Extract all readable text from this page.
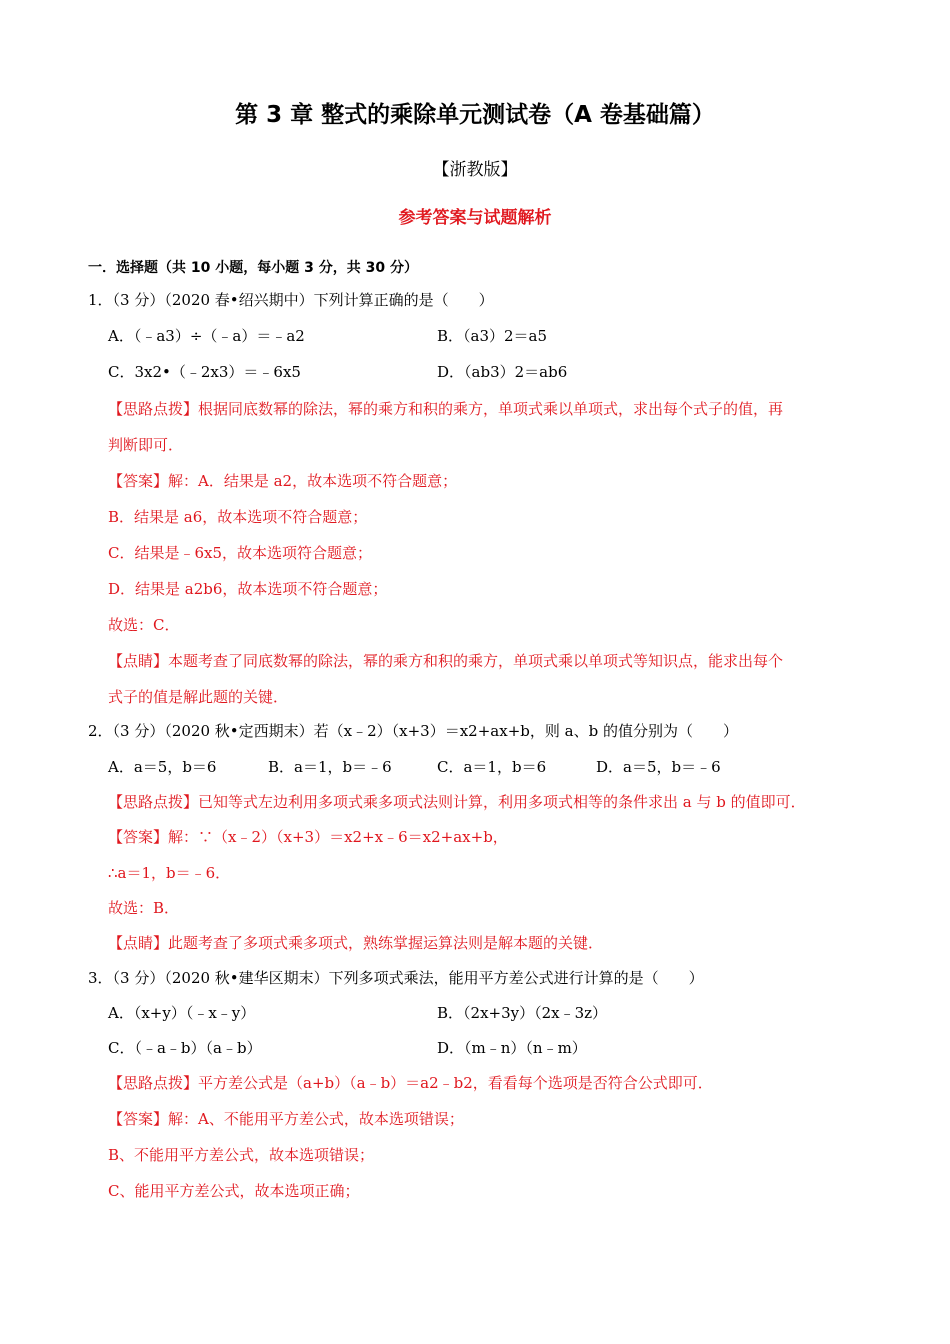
第 3 章 整式的乘除单元测试卷（A 卷基础篇）
【浙教版】
参考答案与试题解析
一．选择题（共 10 小题，每小题 3 分，共 30 分）
1．（3 分）（2020 春•绍兴期中）下列计算正确的是（　　）
A．（﹣a3）÷（﹣a）＝﹣a2	B．（a3）2＝a5
C．3x2•（﹣2x3）＝﹣6x5	D．（ab3）2＝ab6
【思路点拨】根据同底数幂的除法，幂的乘方和积的乘方，单项式乘以单项式，求出每个式子的值，再
判断即可．
【答案】解：A．结果是 a2，故本选项不符合题意；
B．结果是 a6，故本选项不符合题意；
C．结果是﹣6x5，故本选项符合题意；
D．结果是 a2b6，故本选项不符合题意；
故选：C．
【点睛】本题考查了同底数幂的除法，幂的乘方和积的乘方，单项式乘以单项式等知识点，能求出每个
式子的值是解此题的关键．
2．（3 分）（2020 秋•定西期末）若（x﹣2）（x+3）＝x2+ax+b，则 a、b 的值分别为（　　）
A．a＝5，b＝6	B．a＝1，b＝﹣6	C．a＝1，b＝6	D．a＝5，b＝﹣6
【思路点拨】已知等式左边利用多项式乘多项式法则计算，利用多项式相等的条件求出 a 与 b 的值即可．
【答案】解：∵（x﹣2）（x+3）＝x2+x﹣6＝x2+ax+b，
∴a＝1，b＝﹣6．
故选：B．
【点睛】此题考查了多项式乘多项式，熟练掌握运算法则是解本题的关键．
3．（3 分）（2020 秋•建华区期末）下列多项式乘法，能用平方差公式进行计算的是（　　）
A．（x+y）（﹣x﹣y）	B．（2x+3y）（2x﹣3z）
C．（﹣a﹣b）（a﹣b）	D．（m﹣n）（n﹣m）
【思路点拨】平方差公式是（a+b）（a﹣b）＝a2﹣b2，看看每个选项是否符合公式即可．
【答案】解：A、不能用平方差公式，故本选项错误；
B、不能用平方差公式，故本选项错误；
C、能用平方差公式，故本选项正确；
